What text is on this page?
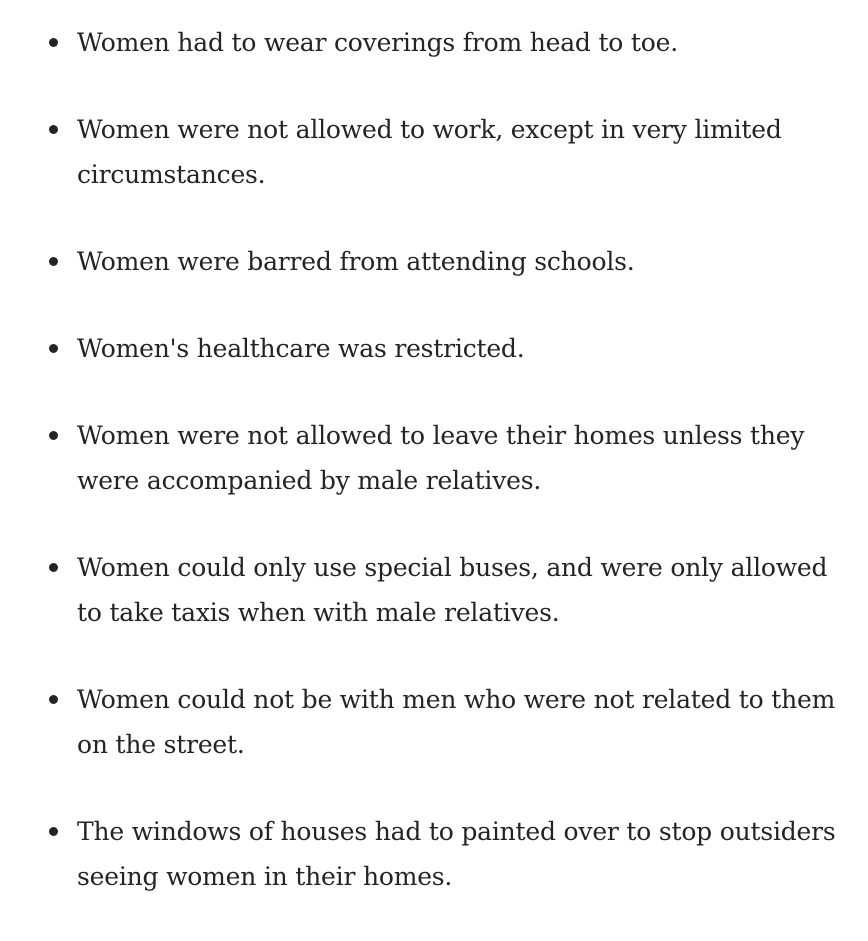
Women had to wear coverings from head to toe.
Women were not allowed to work, except in very limited circumstances.
Women were barred from attending schools.
Women's healthcare was restricted.
Women were not allowed to leave their homes unless they were accompanied by male relatives.
Women could only use special buses, and were only allowed to take taxis when with male relatives.
Women could not be with men who were not related to them on the street.
The windows of houses had to painted over to stop outsiders seeing women in their homes.
